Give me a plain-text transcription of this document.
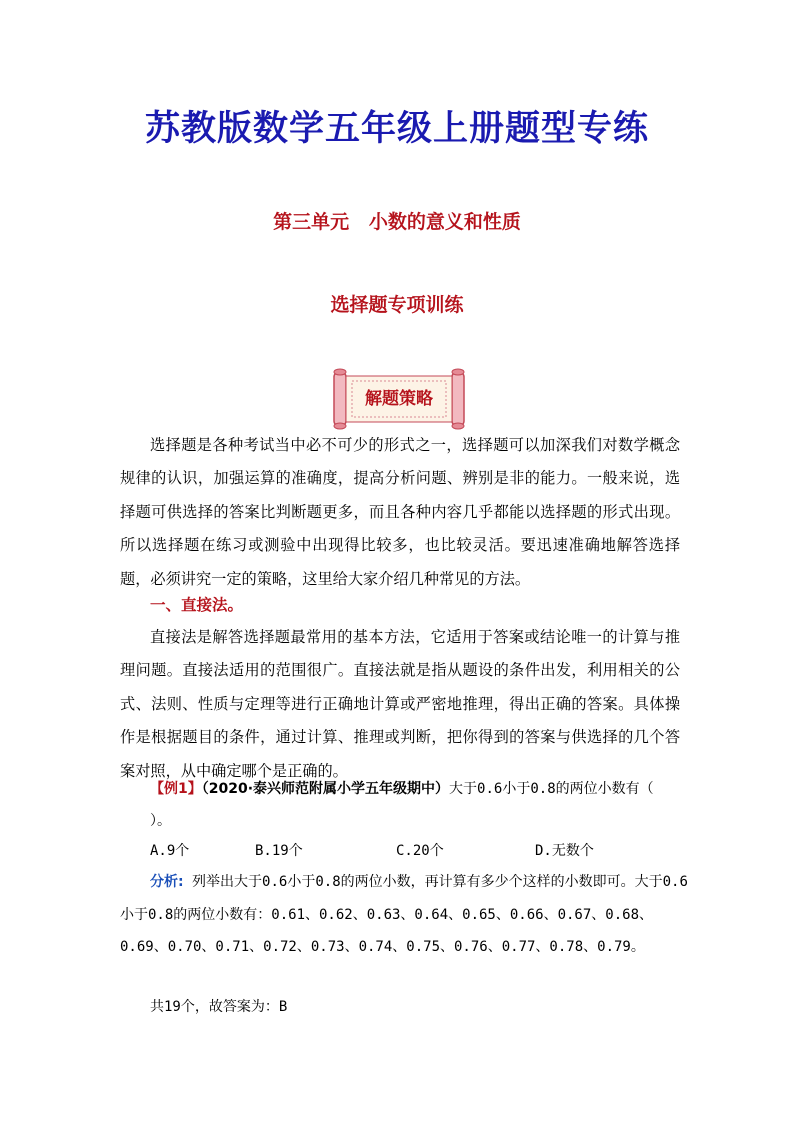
苏教版数学五年级上册题型专练
第三单元   小数的意义和性质
选择题专项训练
解题策略

选择题是各种考试当中必不可少的形式之一，选择题可以加深我们对数学概念规律的认识，加强运算的准确度，提高分析问题、辨别是非的能力。一般来说，选择题可供选择的答案比判断题更多，而且各种内容几乎都能以选择题的形式出现。所以选择题在练习或测验中出现得比较多，也比较灵活。要迅速准确地解答选择题，必须讲究一定的策略，这里给大家介绍几种常见的方法。

一、直接法。

直接法是解答选择题最常用的基本方法，它适用于答案或结论唯一的计算与推理问题。直接法适用的范围很广。直接法就是指从题设的条件出发，利用相关的公式、法则、性质与定理等进行正确地计算或严密地推理，得出正确的答案。具体操作是根据题目的条件，通过计算、推理或判断，把你得到的答案与供选择的几个答案对照，从中确定哪个是正确的。

【例1】（2020·泰兴师范附属小学五年级期中）大于0.6小于0.8的两位小数有（ ）。

A.9个	B.19个	C.20个	D.无数个

分析: 列举出大于0.6小于0.8的两位小数，再计算有多少个这样的小数即可。大于0.6小于0.8的两位小数有：0.61、0.62、0.63、0.64、0.65、0.66、0.67、0.68、0.69、0.70、0.71、0.72、0.73、0.74、0.75、0.76、0.77、0.78、0.79。

共19个，故答案为：B
